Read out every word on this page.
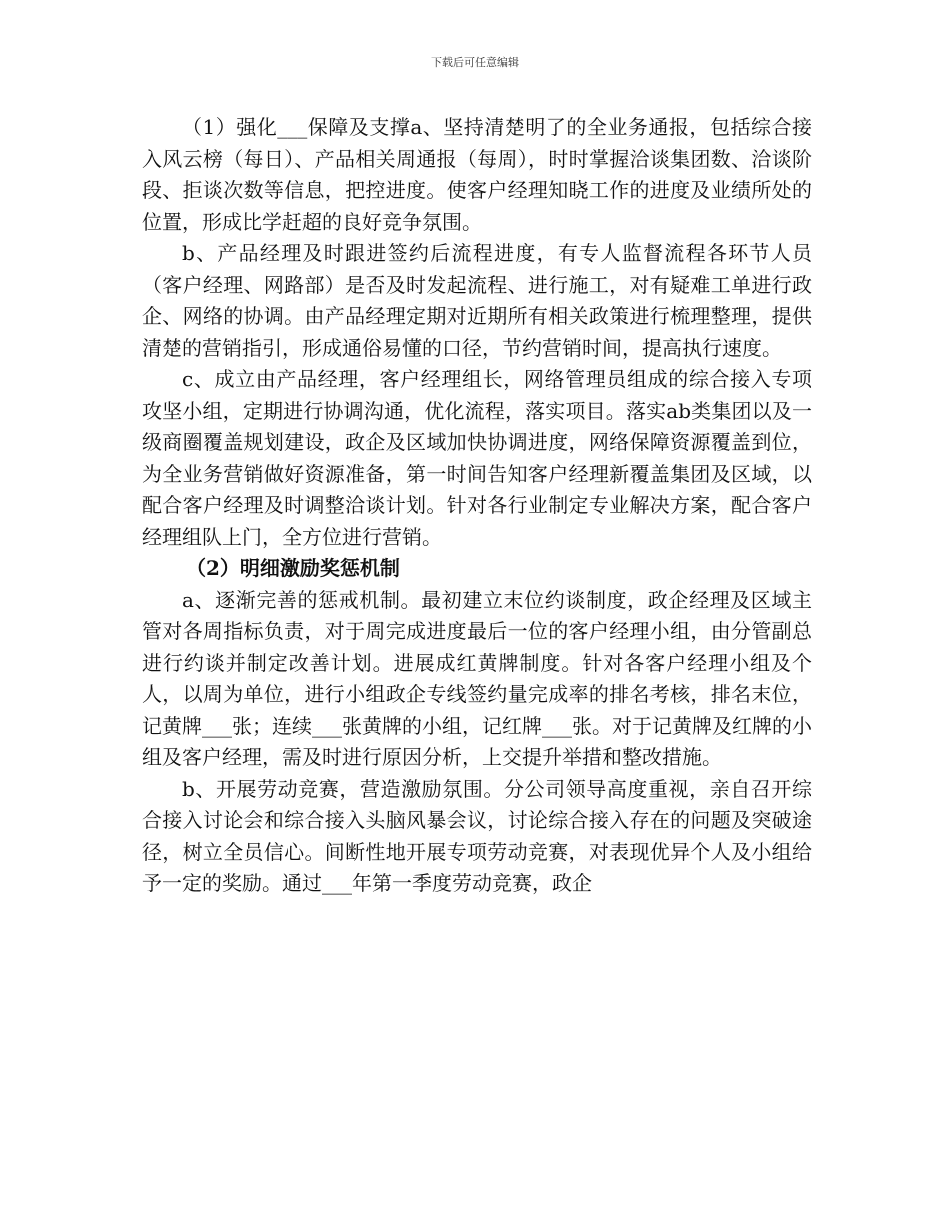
下载后可任意编辑

（1）强化___保障及支撑a、坚持清楚明了的全业务通报，包括综合接入风云榜（每日）、产品相关周通报（每周），时时掌握洽谈集团数、洽谈阶段、拒谈次数等信息，把控进度。使客户经理知晓工作的进度及业绩所处的位置，形成比学赶超的良好竞争氛围。

b、产品经理及时跟进签约后流程进度，有专人监督流程各环节人员（客户经理、网路部）是否及时发起流程、进行施工，对有疑难工单进行政企、网络的协调。由产品经理定期对近期所有相关政策进行梳理整理，提供清楚的营销指引，形成通俗易懂的口径，节约营销时间，提高执行速度。

c、成立由产品经理，客户经理组长，网络管理员组成的综合接入专项攻坚小组，定期进行协调沟通，优化流程，落实项目。落实ab类集团以及一级商圈覆盖规划建设，政企及区域加快协调进度，网络保障资源覆盖到位，为全业务营销做好资源准备，第一时间告知客户经理新覆盖集团及区域，以配合客户经理及时调整洽谈计划。针对各行业制定专业解决方案，配合客户经理组队上门，全方位进行营销。

（2）明细激励奖惩机制

a、逐渐完善的惩戒机制。最初建立末位约谈制度，政企经理及区域主管对各周指标负责，对于周完成进度最后一位的客户经理小组，由分管副总进行约谈并制定改善计划。进展成红黄牌制度。针对各客户经理小组及个人，以周为单位，进行小组政企专线签约量完成率的排名考核，排名末位，记黄牌___张；连续___张黄牌的小组，记红牌___张。对于记黄牌及红牌的小组及客户经理，需及时进行原因分析，上交提升举措和整改措施。

b、开展劳动竞赛，营造激励氛围。分公司领导高度重视，亲自召开综合接入讨论会和综合接入头脑风暴会议，讨论综合接入存在的问题及突破途径，树立全员信心。间断性地开展专项劳动竞赛，对表现优异个人及小组给予一定的奖励。通过___年第一季度劳动竞赛，政企
